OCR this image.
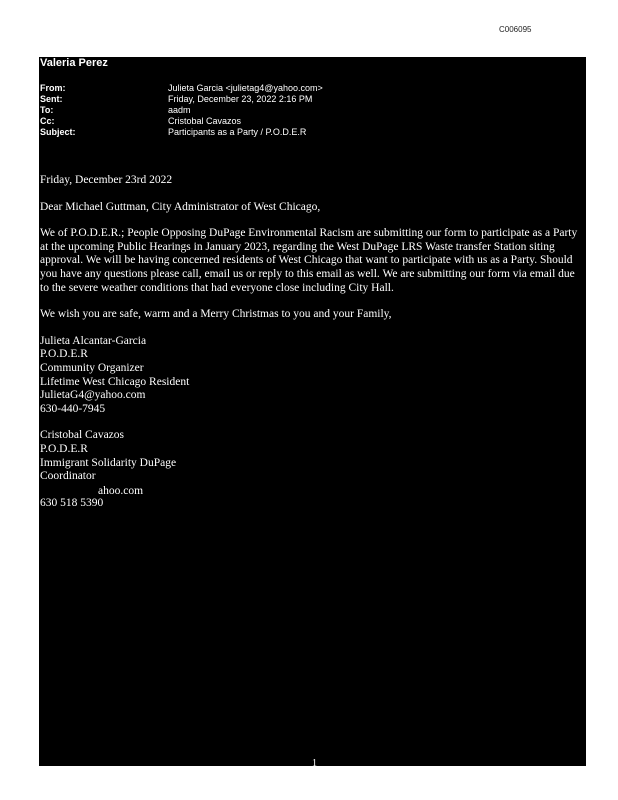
C006095
Valeria Perez
From:	Julieta Garcia <julietag4@yahoo.com>
Sent:	Friday, December 23, 2022 2:16 PM
To:	aadm
Cc:	Cristobal Cavazos
Subject:	Participants as a Party / P.O.D.E.R

Friday, December 23rd 2022

Dear Michael Guttman, City Administrator of West Chicago,

We of P.O.D.E.R.; People Opposing DuPage Environmental Racism are submitting our form to participate as a Party at the upcoming Public Hearings in January 2023, regarding the West DuPage LRS Waste transfer Station siting approval. We will be having concerned residents of West Chicago that want to participate with us as a Party. Should you have any questions please call, email us or reply to this email as well. We are submitting our form via email due to the severe weather conditions that had everyone close including City Hall.

We wish you are safe, warm and a Merry Christmas to you and your Family,

Julieta Alcantar-Garcia
P.O.D.E.R
Community Organizer
Lifetime West Chicago Resident
JulietaG4@yahoo.com
630-440-7945
Cristobal Cavazos
P.O.D.E.R
Immigrant Solidarity DuPage
Coordinator
ahoo.com
630 518 5390
1
